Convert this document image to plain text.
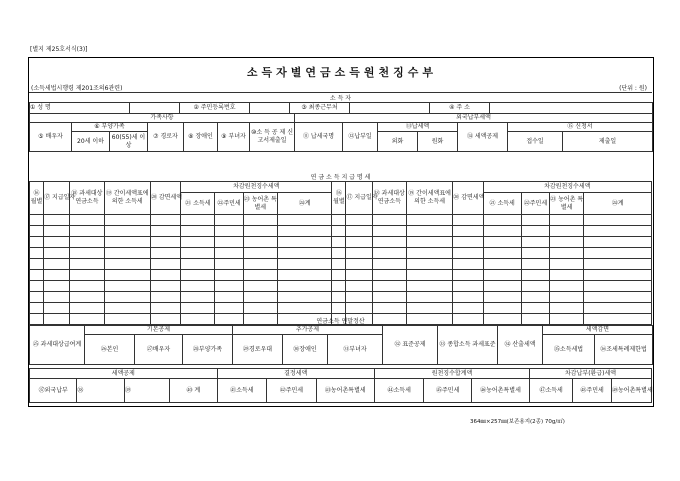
[별지 제25호서식(3)]
소득자별연금소득원천징수부
(소득세법시행령 제201조의6관련)	(단위 : 원)
소 득 자
① 성 명		② 주민등록번호		③ 최종근무처		④ 주 소	
가족사항							외국납부세액						
⑤ 배우자	⑥ 부양가족		⑦ 경로자	⑧ 장애인	⑨ 부녀자	⑩소 득 공 제 신고서제출일	⑪ 납세국명	⑫납부일	⑬납세액		⑭ 세액공제	⑮ 신청서	
	20세 이하	60(55)세 이상							외화	원화		접수일	제출일
연 금 소 득 지 급 명 세
⑯ 월별	⑰ 지급일자	⑱ 과세대상 연금소득	⑲ 간이세액표에 의한 소득세	⑳ 감면세액	차감원천징수세액				⑯ 월별	⑰ 지급일자	⑱ 과세대상 연금소득	⑲ 간이세액표에 의한 소득세	⑳ 감면세액	차감원천징수세액			
					㉑ 소득세	㉒주민세	㉓ 농어촌 특별세	㉔계						㉑ 소득세	㉒주민세	㉓ 농어촌 특별세	㉔계

연금소득 연말정산
㉕ 과세대상급여계	기본공제			추가공제			㉜ 표준공제	㉝ 종합소득 과세표준	㉞ 산출세액	세액감면	
	㉖본인	㉗배우자	㉘부양가족	㉙경로우대	㉚장애인	㉛부녀자				㉟소득세법	㊱조세특례제한법
세액공제				결정세액			원천징수합계액			차감납부(환급)세액		
㊲외국납부	㊳	㊴	㊵ 계	㊶소득세	㊷주민세	㊸농어촌특별세	㊹소득세	㊺주민세	㊻농어촌특별세	㊼소득세	㊽주민세	㊾농어촌특별세
364㎜×257㎜(보존용지(2종) 70g/㎡)
